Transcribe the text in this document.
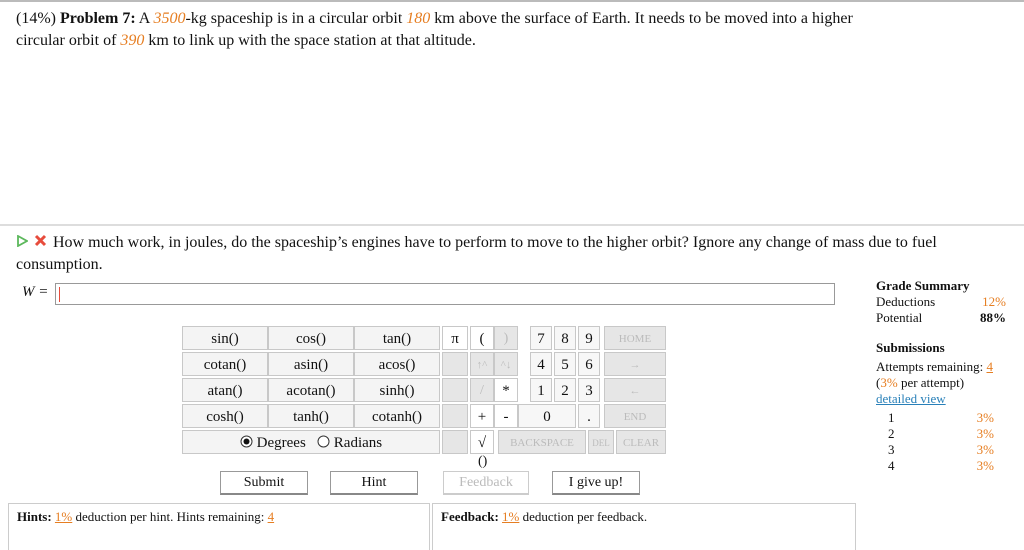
(14%) Problem 7: A 3500-kg spaceship is in a circular orbit 180 km above the surface of Earth. It needs to be moved into a higher
circular orbit of 390 km to link up with the space station at that altitude.
How much work, in joules, do the spaceship’s engines have to perform to move to the higher orbit? Ignore any change of mass due to fuel consumption.
W =
sin()	cos()	tan()
cotan()	asin()	acos()
atan()	acotan()	sinh()
cosh()	tanh()	cotanh()
Degrees Radians
π	(	)
↑^	^↓
/	*
+	-
√
7	8	9
4	5	6
1	2	3
0	.
HOME
→
←
END
BACKSPACE	DEL	CLEAR
()
Submit	Hint	Feedback	I give up!
Grade Summary
Deductions	12%
Potential	88%
Submissions
Attempts remaining: 4
(3% per attempt)
detailed view
1	3%
2	3%
3	3%
4	3%
Hints: 1% deduction per hint. Hints remaining: 4	Feedback: 1% deduction per feedback.
